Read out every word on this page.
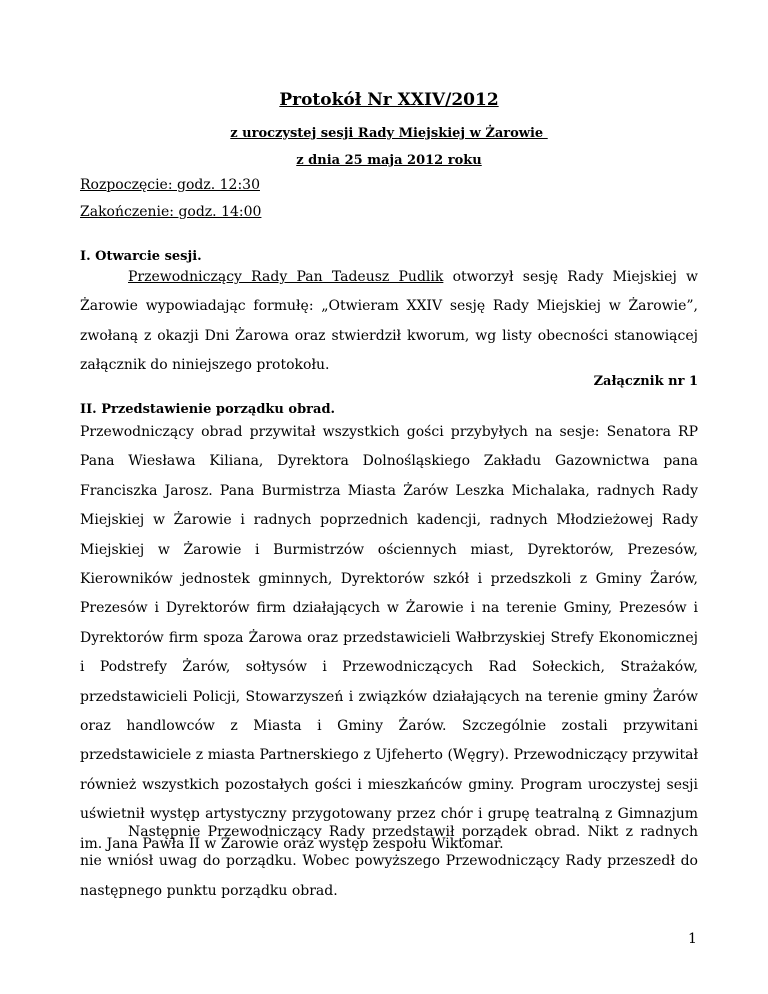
Protokół Nr XXIV/2012
z uroczystej sesji Rady Miejskiej w Żarowie
z dnia 25 maja 2012 roku
Rozpoczęcie: godz. 12:30
Zakończenie: godz. 14:00
I. Otwarcie sesji.
Przewodniczący Rady Pan Tadeusz Pudlik otworzył sesję Rady Miejskiej w Żarowie wypowiadając formułę: „Otwieram XXIV sesję Rady Miejskiej w Żarowie”, zwołaną z okazji Dni Żarowa oraz stwierdził kworum, wg listy obecności stanowiącej załącznik do niniejszego protokołu.
Załącznik nr 1
II. Przedstawienie porządku obrad.
Przewodniczący obrad przywitał wszystkich gości przybyłych na sesje: Senatora RP Pana Wiesława Kiliana, Dyrektora Dolnośląskiego Zakładu Gazownictwa pana Franciszka Jarosz. Pana Burmistrza Miasta Żarów Leszka Michalaka, radnych Rady Miejskiej w Żarowie i radnych poprzednich kadencji, radnych Młodzieżowej Rady Miejskiej w Żarowie i Burmistrzów ościennych miast, Dyrektorów, Prezesów, Kierowników jednostek gminnych, Dyrektorów szkół i przedszkoli z Gminy Żarów, Prezesów i Dyrektorów firm działających w Żarowie i na terenie Gminy, Prezesów i Dyrektorów firm spoza Żarowa oraz przedstawicieli Wałbrzyskiej Strefy Ekonomicznej i Podstrefy Żarów, sołtysów i Przewodniczących Rad Sołeckich, Strażaków, przedstawicieli Policji, Stowarzyszeń i związków działających na terenie gminy Żarów oraz handlowców z Miasta i Gminy Żarów. Szczególnie zostali przywitani przedstawiciele z miasta Partnerskiego z Ujfeherto (Węgry). Przewodniczący przywitał również wszystkich pozostałych gości i mieszkańców gminy. Program uroczystej sesji uświetnił występ artystyczny przygotowany przez chór i grupę teatralną z Gimnazjum im. Jana Pawła II w Żarowie oraz występ zespołu Wiktomar.
Następnie Przewodniczący Rady przedstawił porządek obrad. Nikt z radnych nie wniósł uwag do porządku. Wobec powyższego Przewodniczący Rady przeszedł do następnego punktu porządku obrad.
1
